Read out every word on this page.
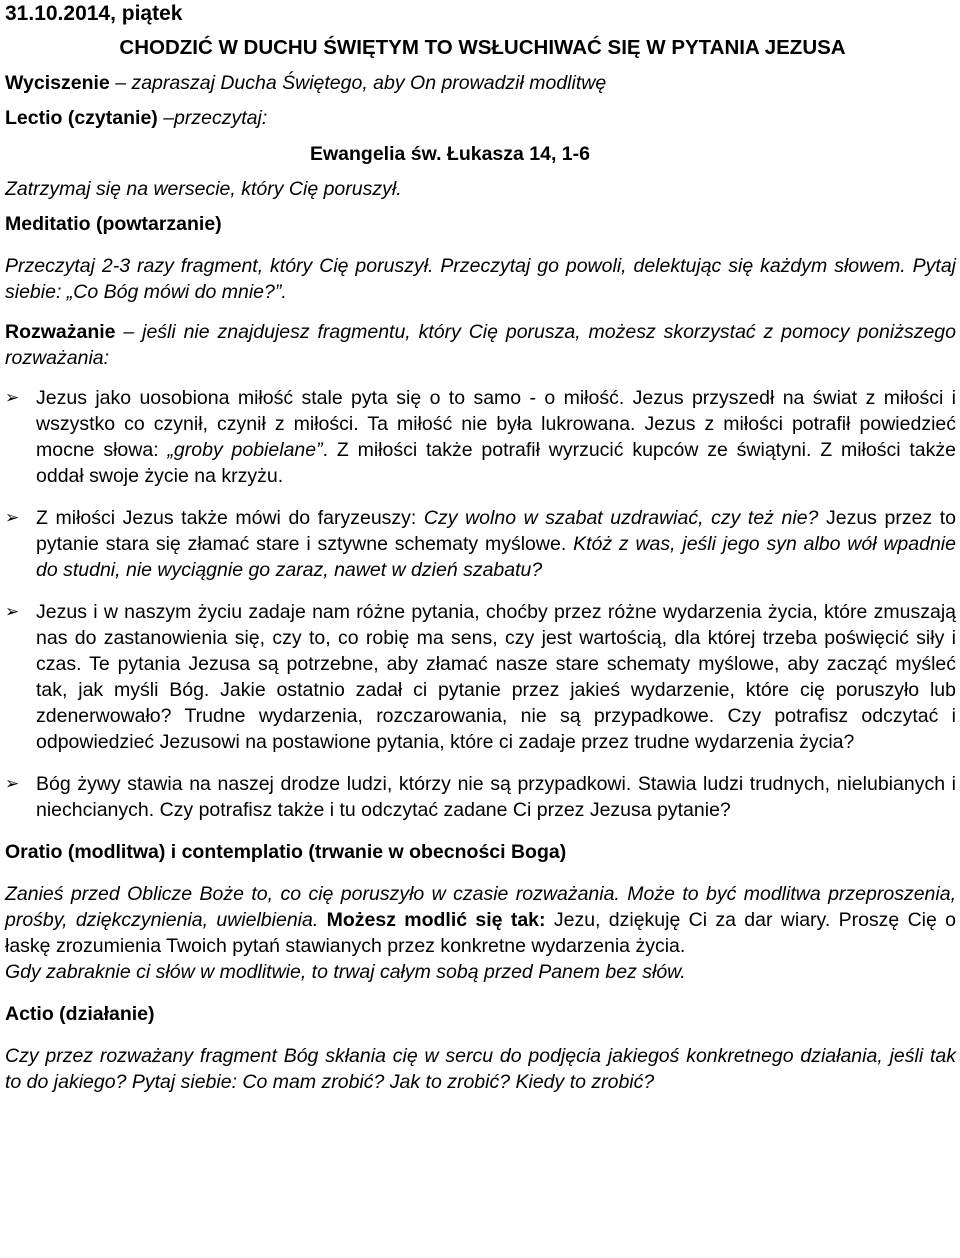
31.10.2014, piątek

CHODZIĆ W DUCHU ŚWIĘTYM TO WSŁUCHIWAĆ SIĘ W PYTANIA JEZUSA

Wyciszenie – zapraszaj Ducha Świętego, aby On prowadził modlitwę

Lectio (czytanie) –przeczytaj:

Ewangelia św. Łukasza 14, 1-6

Zatrzymaj się na wersecie, który Cię poruszył.

Meditatio (powtarzanie)

Przeczytaj 2-3 razy fragment, który Cię poruszył. Przeczytaj go powoli, delektując się każdym słowem. Pytaj siebie: „Co Bóg mówi do mnie?”.

Rozważanie – jeśli nie znajdujesz fragmentu, który Cię porusza, możesz skorzystać z pomocy poniższego rozważania:

➢ Jezus jako uosobiona miłość stale pyta się o to samo - o miłość. Jezus przyszedł na świat z miłości i wszystko co czynił, czynił z miłości. Ta miłość nie była lukrowana. Jezus z miłości potrafił powiedzieć mocne słowa: „groby pobielane”. Z miłości także potrafił wyrzucić kupców ze świątyni. Z miłości także oddał swoje życie na krzyżu.

➢ Z miłości Jezus także mówi do faryzeuszy: Czy wolno w szabat uzdrawiać, czy też nie? Jezus przez to pytanie stara się złamać stare i sztywne schematy myślowe. Któż z was, jeśli jego syn albo wół wpadnie do studni, nie wyciągnie go zaraz, nawet w dzień szabatu?

➢ Jezus i w naszym życiu zadaje nam różne pytania, choćby przez różne wydarzenia życia, które zmuszają nas do zastanowienia się, czy to, co robię ma sens, czy jest wartością, dla której trzeba poświęcić siły i czas. Te pytania Jezusa są potrzebne, aby złamać nasze stare schematy myślowe, aby zacząć myśleć tak, jak myśli Bóg. Jakie ostatnio zadał ci pytanie przez jakieś wydarzenie, które cię poruszyło lub zdenerwowało? Trudne wydarzenia, rozczarowania, nie są przypadkowe. Czy potrafisz odczytać i odpowiedzieć Jezusowi na postawione pytania, które ci zadaje przez trudne wydarzenia życia?

➢ Bóg żywy stawia na naszej drodze ludzi, którzy nie są przypadkowi. Stawia ludzi trudnych, nielubianych i niechcianych. Czy potrafisz także i tu odczytać zadane Ci przez Jezusa pytanie?

Oratio (modlitwa) i contemplatio (trwanie w obecności Boga)

Zanieś przed Oblicze Boże to, co cię poruszyło w czasie rozważania. Może to być modlitwa przeproszenia, prośby, dziękczynienia, uwielbienia. Możesz modlić się tak: Jezu, dziękuję Ci za dar wiary. Proszę Cię o łaskę zrozumienia Twoich pytań stawianych przez konkretne wydarzenia życia.

Gdy zabraknie ci słów w modlitwie, to trwaj całym sobą przed Panem bez słów.

Actio (działanie)

Czy przez rozważany fragment Bóg skłania cię w sercu do podjęcia jakiegoś konkretnego działania, jeśli tak to do jakiego? Pytaj siebie: Co mam zrobić? Jak to zrobić? Kiedy to zrobić?
